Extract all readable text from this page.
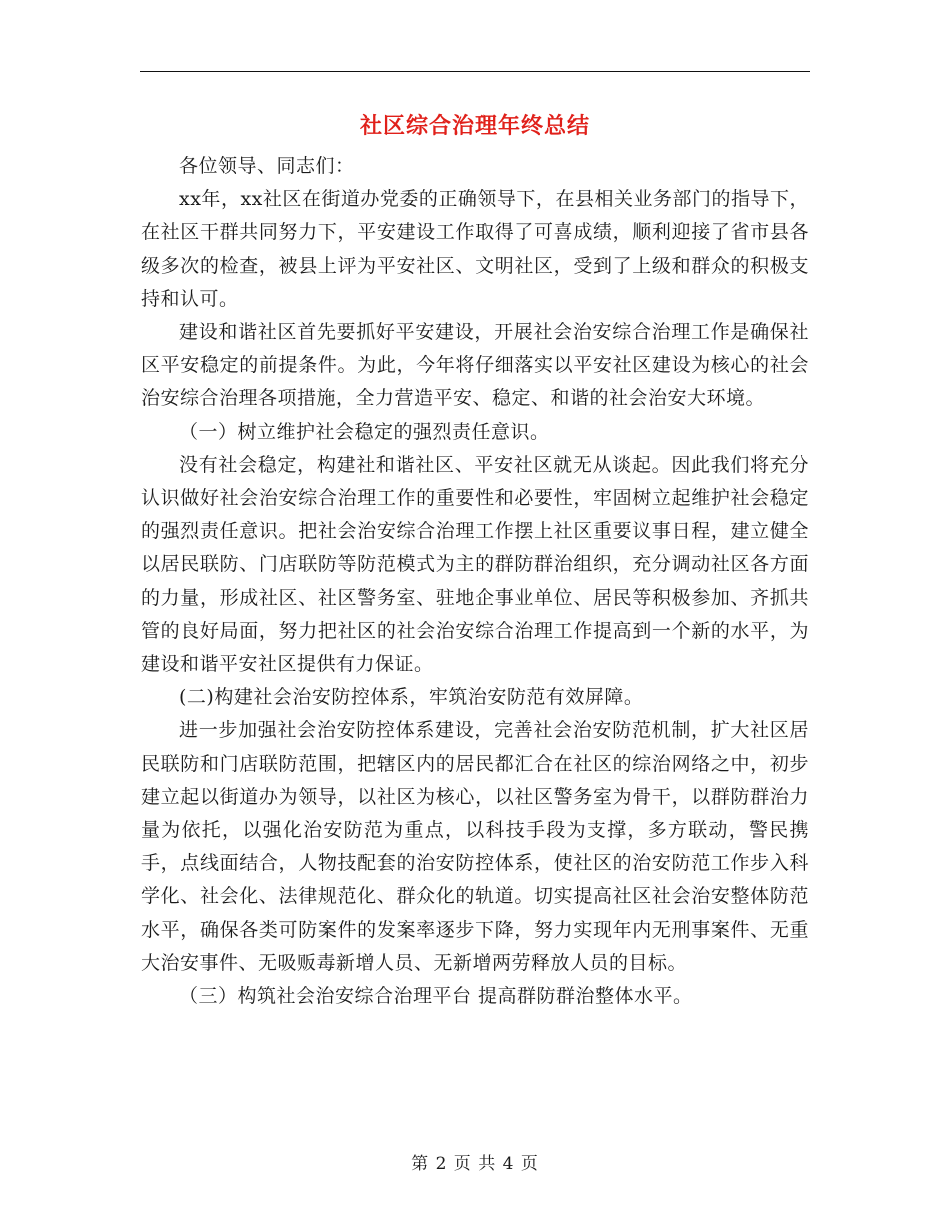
社区综合治理年终总结

各位领导、同志们：

xx年，xx社区在街道办党委的正确领导下，在县相关业务部门的指导下，在社区干群共同努力下，平安建设工作取得了可喜成绩，顺利迎接了省市县各级多次的检查，被县上评为平安社区、文明社区，受到了上级和群众的积极支持和认可。

建设和谐社区首先要抓好平安建设，开展社会治安综合治理工作是确保社区平安稳定的前提条件。为此，今年将仔细落实以平安社区建设为核心的社会治安综合治理各项措施，全力营造平安、稳定、和谐的社会治安大环境。

（一）树立维护社会稳定的强烈责任意识。

没有社会稳定，构建社和谐社区、平安社区就无从谈起。因此我们将充分认识做好社会治安综合治理工作的重要性和必要性，牢固树立起维护社会稳定的强烈责任意识。把社会治安综合治理工作摆上社区重要议事日程，建立健全以居民联防、门店联防等防范模式为主的群防群治组织，充分调动社区各方面的力量，形成社区、社区警务室、驻地企事业单位、居民等积极参加、齐抓共管的良好局面，努力把社区的社会治安综合治理工作提高到一个新的水平，为建设和谐平安社区提供有力保证。

(二)构建社会治安防控体系，牢筑治安防范有效屏障。

进一步加强社会治安防控体系建设，完善社会治安防范机制，扩大社区居民联防和门店联防范围，把辖区内的居民都汇合在社区的综治网络之中，初步建立起以街道办为领导，以社区为核心，以社区警务室为骨干，以群防群治力量为依托，以强化治安防范为重点，以科技手段为支撑，多方联动，警民携手，点线面结合，人物技配套的治安防控体系，使社区的治安防范工作步入科学化、社会化、法律规范化、群众化的轨道。切实提高社区社会治安整体防范水平，确保各类可防案件的发案率逐步下降，努力实现年内无刑事案件、无重大治安事件、无吸贩毒新增人员、无新增两劳释放人员的目标。

（三）构筑社会治安综合治理平台 提高群防群治整体水平。

第 2 页 共 4 页
